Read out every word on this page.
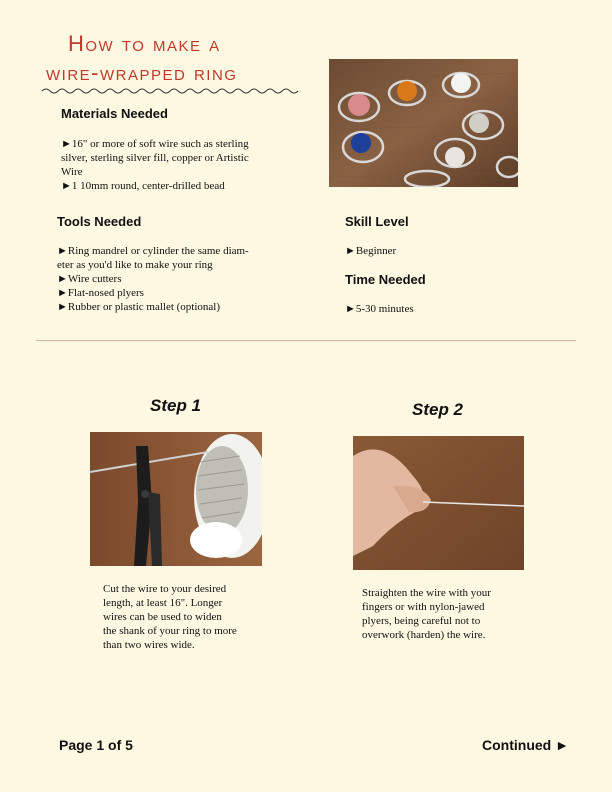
How to make a
wire-wrapped ring
Materials Needed
►16" or more of soft wire such as sterling
silver, sterling silver fill, copper or Artistic
Wire
►1 10mm round, center-drilled bead
Tools Needed
►Ring mandrel or cylinder the same diam-
eter as you'd like to make your ring
►Wire cutters
►Flat-nosed plyers
►Rubber or plastic mallet (optional)
Skill Level
►Beginner
Time Needed
►5-30 minutes
Step 1
Cut the wire to your desired
length, at least 16". Longer
wires can be used to widen
the shank of your ring to more
than two wires wide.
Step 2
Straighten the wire with your
fingers or with nylon-jawed
plyers, being careful not to
overwork (harden) the wire.
Page 1 of 5	Continued ►
